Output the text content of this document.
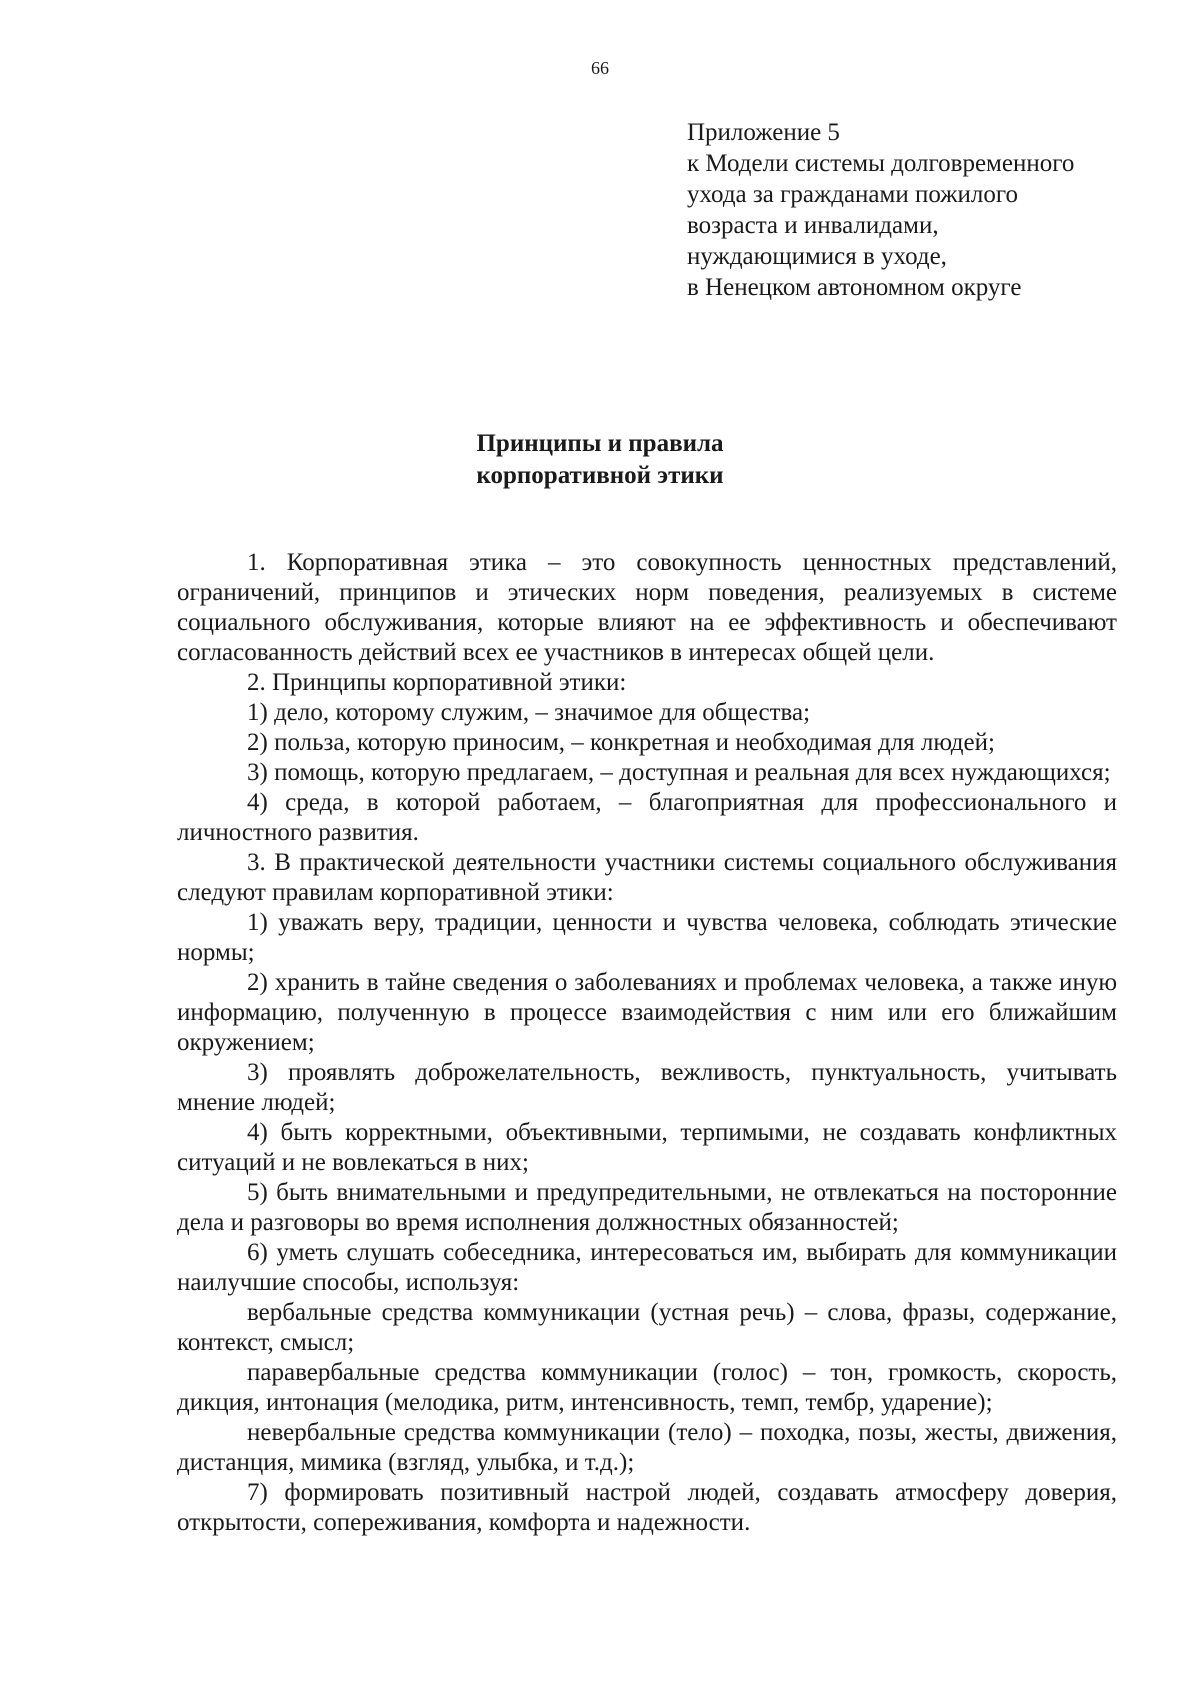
66
Приложение 5
к Модели системы долговременного
ухода за гражданами пожилого
возраста и инвалидами,
нуждающимися в уходе,
в Ненецком автономном округе
Принципы и правила
корпоративной этики

1. Корпоративная этика – это совокупность ценностных представлений, ограничений, принципов и этических норм поведения, реализуемых в системе социального обслуживания, которые влияют на ее эффективность и обеспечивают согласованность действий всех ее участников в интересах общей цели.

2. Принципы корпоративной этики:

1) дело, которому служим, – значимое для общества;

2) польза, которую приносим, – конкретная и необходимая для людей;

3) помощь, которую предлагаем, – доступная и реальная для всех нуждающихся;

4) среда, в которой работаем, – благоприятная для профессионального и личностного развития.

3. В практической деятельности участники системы социального обслуживания следуют правилам корпоративной этики:

1) уважать веру, традиции, ценности и чувства человека, соблюдать этические нормы;

2) хранить в тайне сведения о заболеваниях и проблемах человека, а также иную информацию, полученную в процессе взаимодействия с ним или его ближайшим окружением;

3) проявлять доброжелательность, вежливость, пунктуальность, учитывать мнение людей;

4) быть корректными, объективными, терпимыми, не создавать конфликтных ситуаций и не вовлекаться в них;

5) быть внимательными и предупредительными, не отвлекаться на посторонние дела и разговоры во время исполнения должностных обязанностей;

6) уметь слушать собеседника, интересоваться им, выбирать для коммуникации наилучшие способы, используя:

вербальные средства коммуникации (устная речь) – слова, фразы, содержание, контекст, смысл;

паравербальные средства коммуникации (голос) – тон, громкость, скорость, дикция, интонация (мелодика, ритм, интенсивность, темп, тембр, ударение);

невербальные средства коммуникации (тело) – походка, позы, жесты, движения, дистанция, мимика (взгляд, улыбка, и т.д.);

7) формировать позитивный настрой людей, создавать атмосферу доверия, открытости, сопереживания, комфорта и надежности.
